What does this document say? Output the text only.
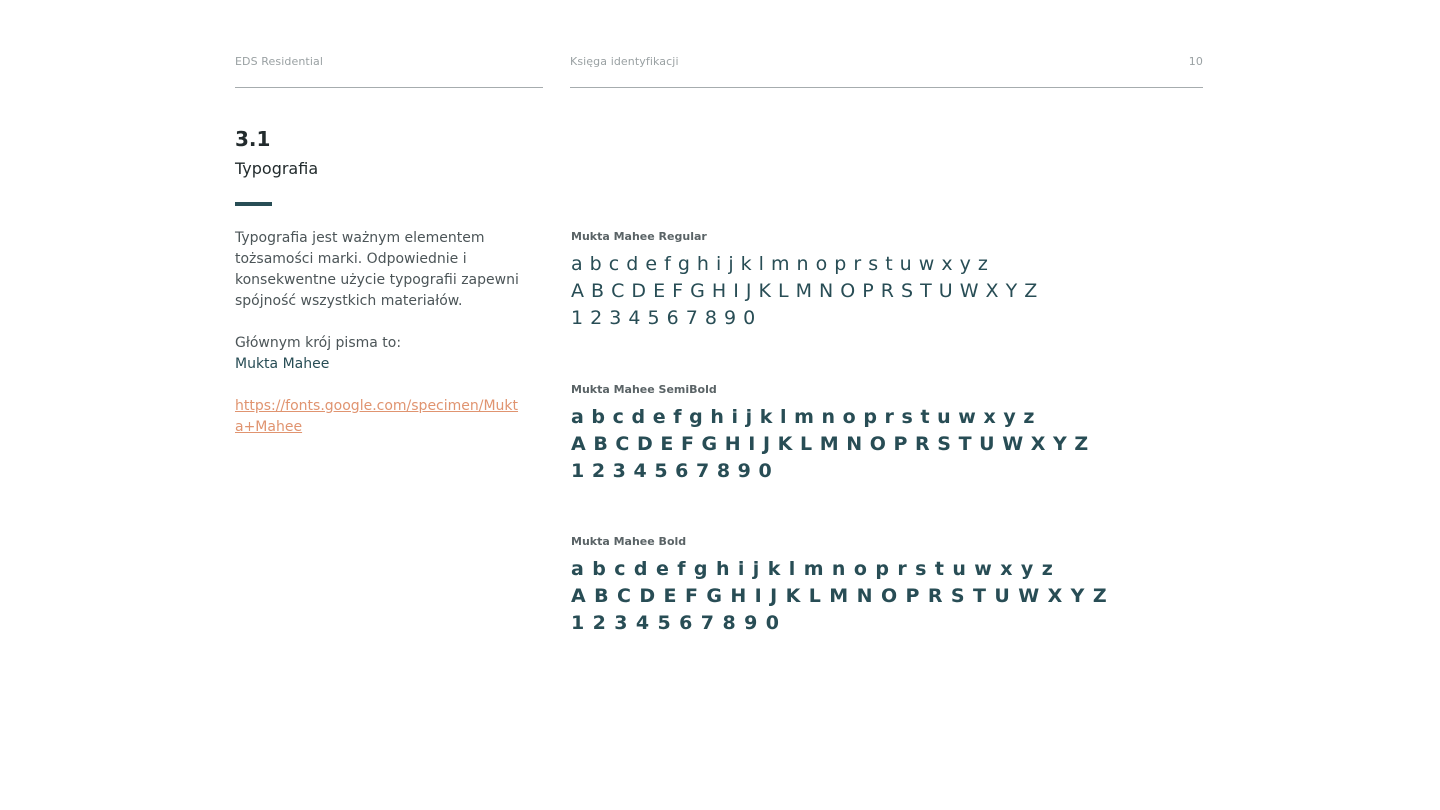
EDS Residential	Księga identyfikacji	10
3.1
Typografia

Typografia jest ważnym elementem tożsamości marki. Odpowiednie i konsekwentne użycie typografii zapewni spójność wszystkich materiałów.

Głównym krój pisma to:
Mukta Mahee

https://fonts.google.com/specimen/Mukta+Mahee

Mukta Mahee Regular
a b c d e f g h i j k l m n o p r s t u w x y z
A B C D E F G H I J K L M N O P R S T U W X Y Z
1 2 3 4 5 6 7 8 9 0
Mukta Mahee SemiBold
a b c d e f g h i j k l m n o p r s t u w x y z
A B C D E F G H I J K L M N O P R S T U W X Y Z
1 2 3 4 5 6 7 8 9 0
Mukta Mahee Bold
a b c d e f g h i j k l m n o p r s t u w x y z
A B C D E F G H I J K L M N O P R S T U W X Y Z
1 2 3 4 5 6 7 8 9 0
